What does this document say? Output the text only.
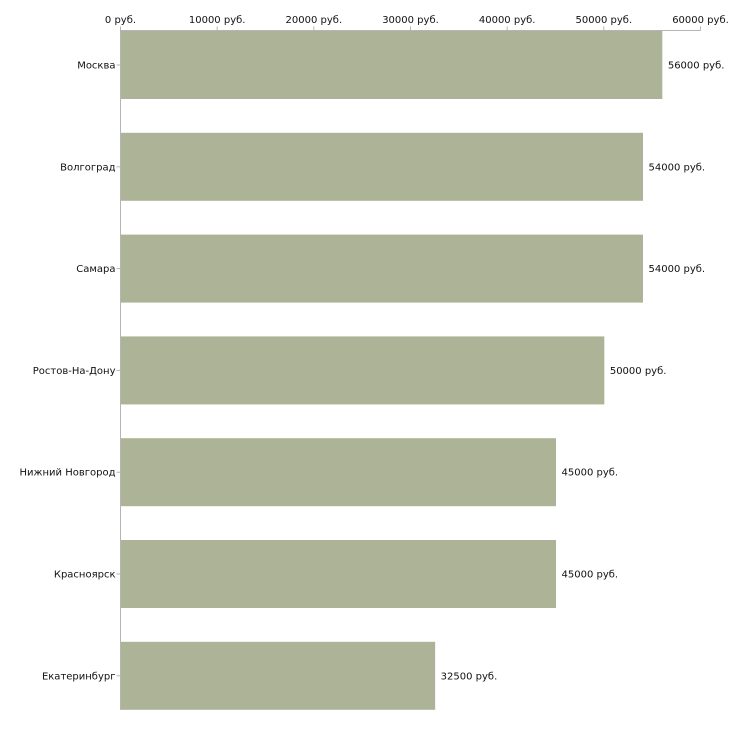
0 руб.	10000 руб.	20000 руб.	30000 руб.	40000 руб.	50000 руб.	60000 руб.
Москва	56000 руб.
Волгоград	54000 руб.
Самара	54000 руб.
Ростов-На-Дону	50000 руб.
Нижний Новгород	45000 руб.
Красноярск	45000 руб.
Екатеринбург	32500 руб.
